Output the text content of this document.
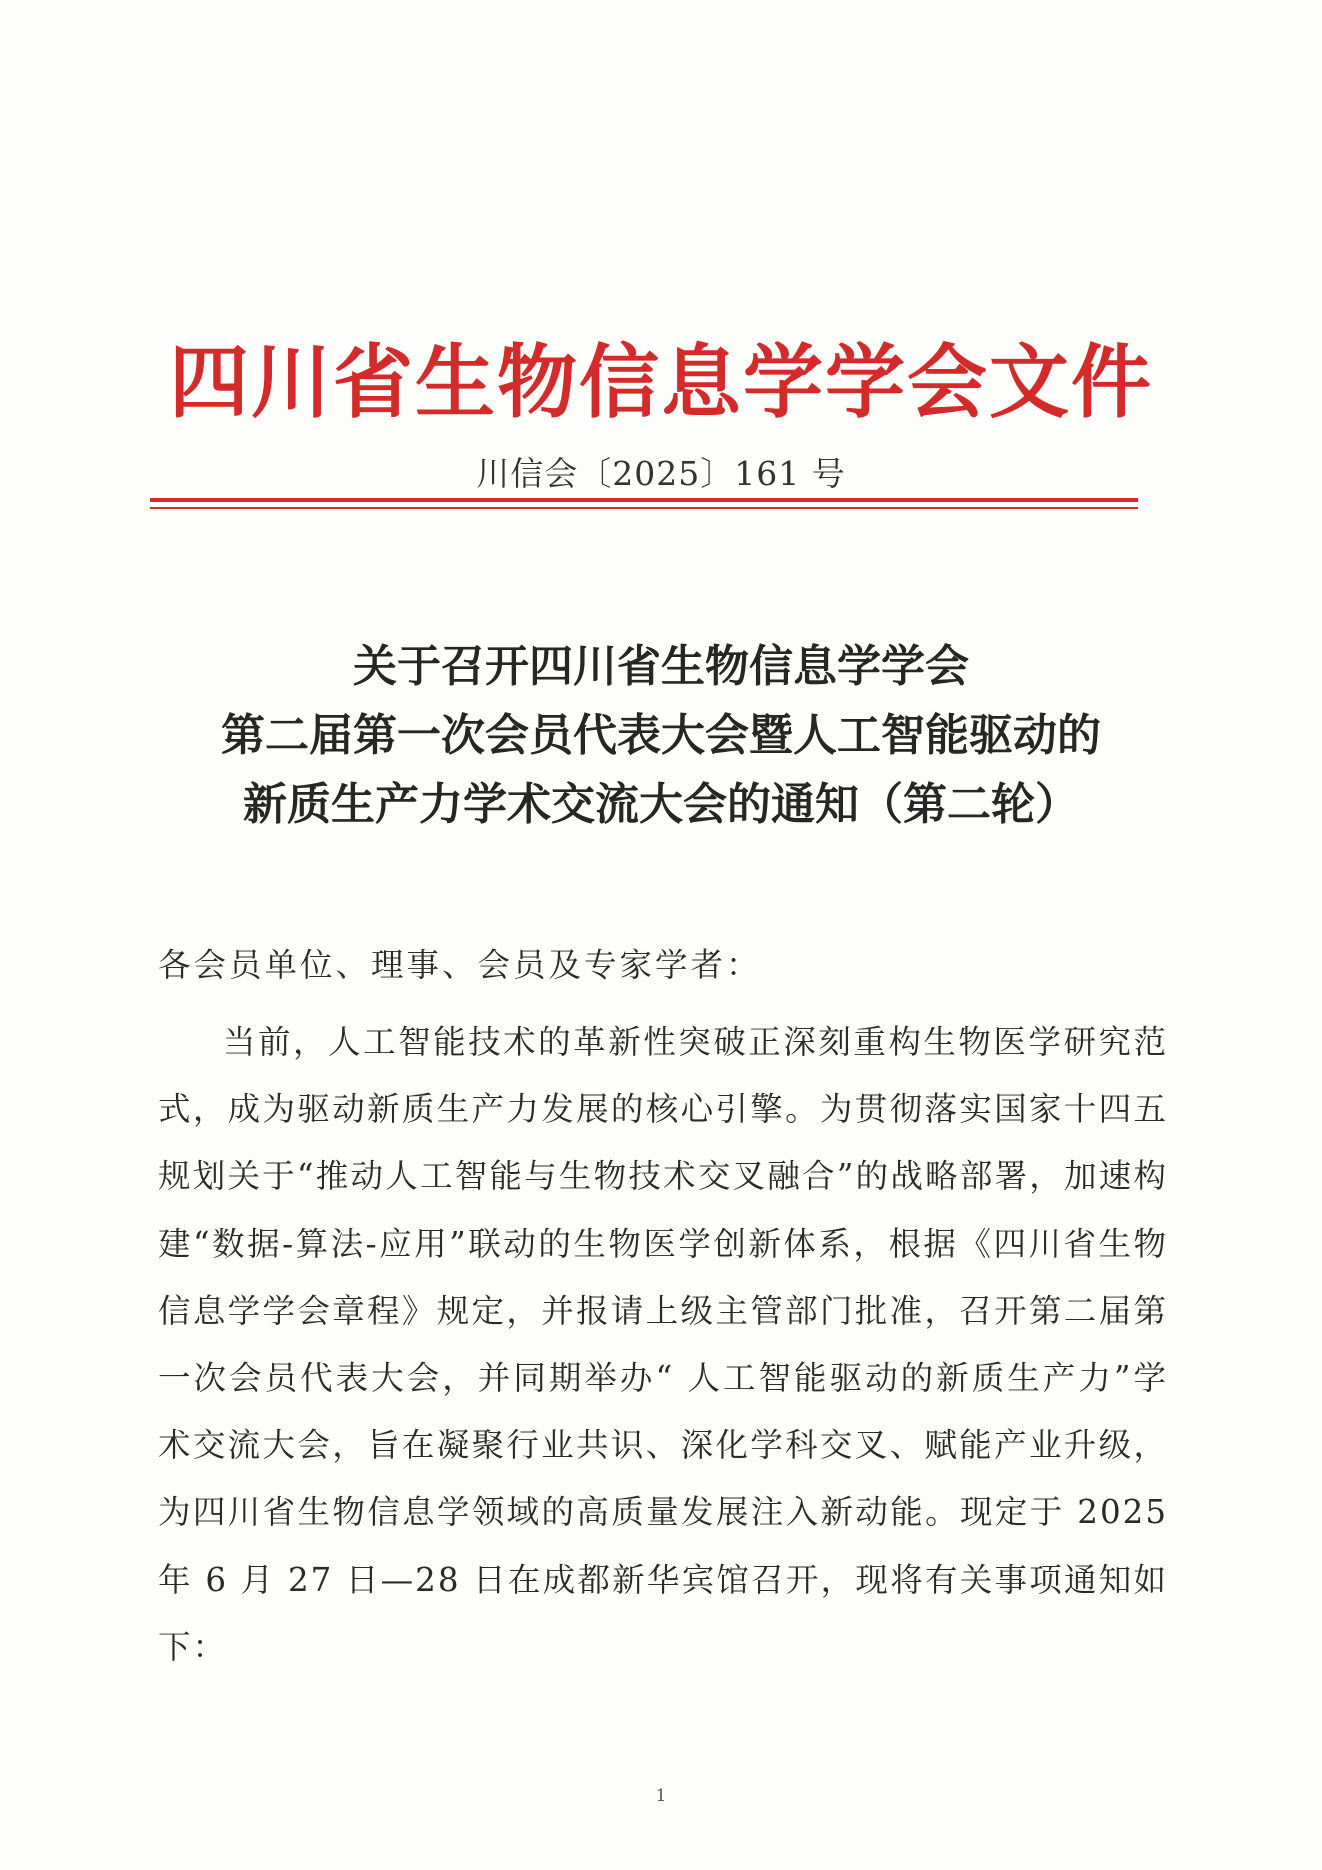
四川省生物信息学学会文件
川信会〔2025〕161 号
关于召开四川省生物信息学学会
第二届第一次会员代表大会暨人工智能驱动的
新质生产力学术交流大会的通知（第二轮）
各会员单位、理事、会员及专家学者：
当前，人工智能技术的革新性突破正深刻重构生物医学研究范式，成为驱动新质生产力发展的核心引擎。为贯彻落实国家十四五规划关于“推动人工智能与生物技术交叉融合”的战略部署，加速构建“数据-算法-应用”联动的生物医学创新体系，根据《四川省生物信息学学会章程》规定，并报请上级主管部门批准，召开第二届第一次会员代表大会，并同期举办“ 人工智能驱动的新质生产力”学术交流大会，旨在凝聚行业共识、深化学科交叉、赋能产业升级，为四川省生物信息学领域的高质量发展注入新动能。现定于 2025 年 6 月 27 日—28 日在成都新华宾馆召开，现将有关事项通知如下：
1
